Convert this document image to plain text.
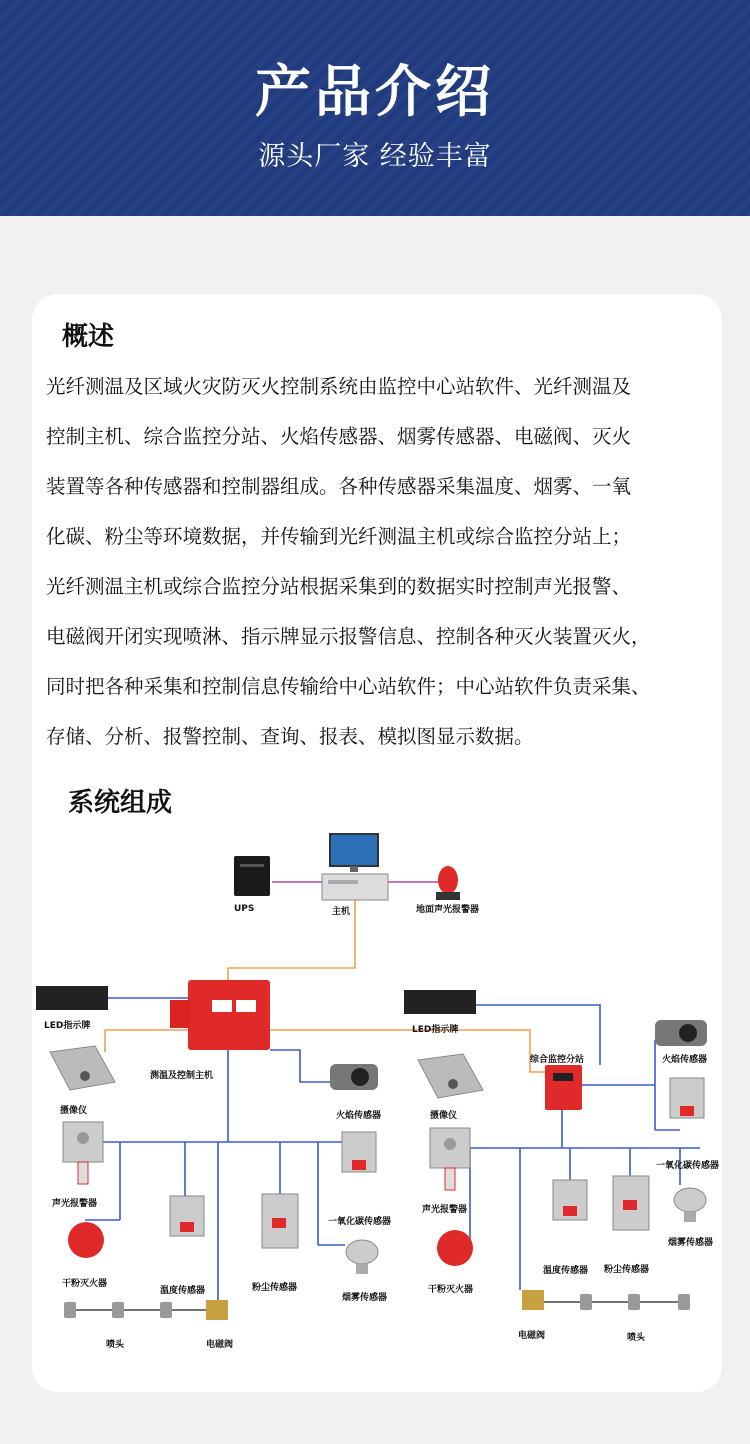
产品介绍
源头厂家 经验丰富
概述
光纤测温及区域火灾防灭火控制系统由监控中心站软件、光纤测温及
控制主机、综合监控分站、火焰传感器、烟雾传感器、电磁阀、灭火
装置等各种传感器和控制器组成。各种传感器采集温度、烟雾、一氧
化碳、粉尘等环境数据，并传输到光纤测温主机或综合监控分站上；
光纤测温主机或综合监控分站根据采集到的数据实时控制声光报警、
电磁阀开闭实现喷淋、指示牌显示报警信息、控制各种灭火装置灭火，
同时把各种采集和控制信息传输给中心站软件；中心站软件负责采集、
存储、分析、报警控制、查询、报表、模拟图显示数据。
系统组成
UPS	主机	地面声光报警器
LED指示牌	LED指示牌
测温及控制主机
摄像仪	摄像仪
火焰传感器
火焰传感器
综合监控分站
声光报警器
声光报警器
一氧化碳传感器
一氧化碳传感器
干粉灭火器
干粉灭火器
温度传感器
温度传感器
粉尘传感器
粉尘传感器
烟雾传感器
烟雾传感器
喷头
喷头
电磁阀
电磁阀
